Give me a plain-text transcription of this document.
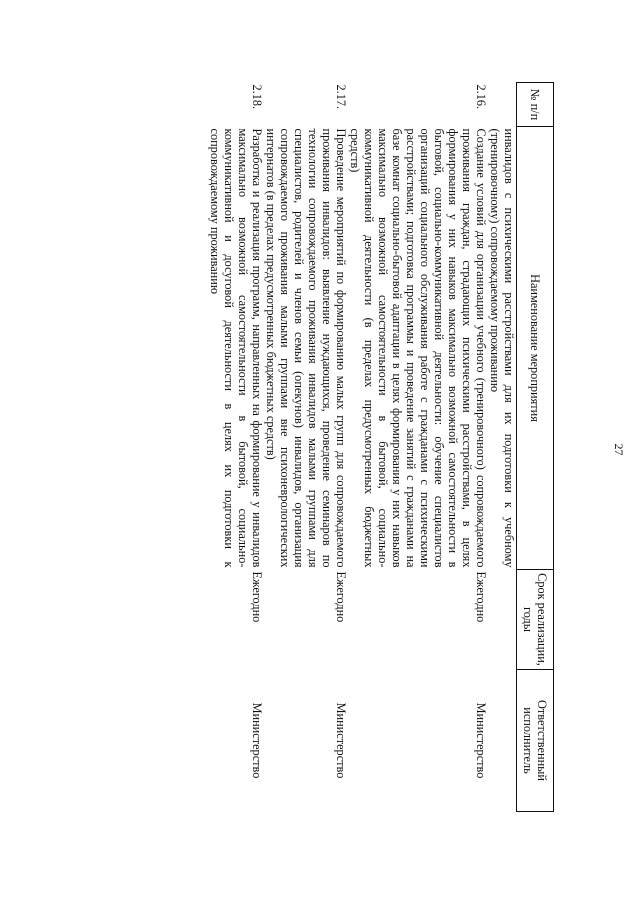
27
№ п/п	Наименование мероприятия	Срок реализации, годы	Ответственный исполнитель
	инвалидов с психическими расстройствами для их подготовки к учебному (тренировочному) сопровождаемому проживанию		
2.16.	Создание условий для организации учебного (тренировочного) сопровождаемого проживания граждан, страдающих психическими расстройствами, в целях формирования у них навыков максимально возможной самостоятельности в бытовой, социально-коммуникативной деятельности: обучение специалистов организаций социального обслуживания работе с гражданами с психическими расстройствами; подготовка программы и проведение занятий с гражданами на базе комнат социально-бытовой адаптации в целях формирования у них навыков максимально возможной самостоятельности в бытовой, социально-коммуникативной деятельности (в пределах предусмотренных бюджетных средств)	Ежегодно	Министерство
2.17.	Проведение мероприятий по формированию малых групп для сопровождаемого проживания инвалидов: выявление нуждающихся, проведение семинаров по технологии сопровождаемого проживания инвалидов малыми группами для специалистов, родителей и членов семьи (опекунов) инвалидов, организация сопровождаемого проживания малыми группами вне психоневрологических интернатов (в пределах предусмотренных бюджетных средств)	Ежегодно	Министерство
2.18.	Разработка и реализация программ, направленных на формирование у инвалидов максимально возможной самостоятельности в бытовой, социально-коммуникативной и досуговой деятельности в целях их подготовки к сопровождаемому проживанию	Ежегодно	Министерство
